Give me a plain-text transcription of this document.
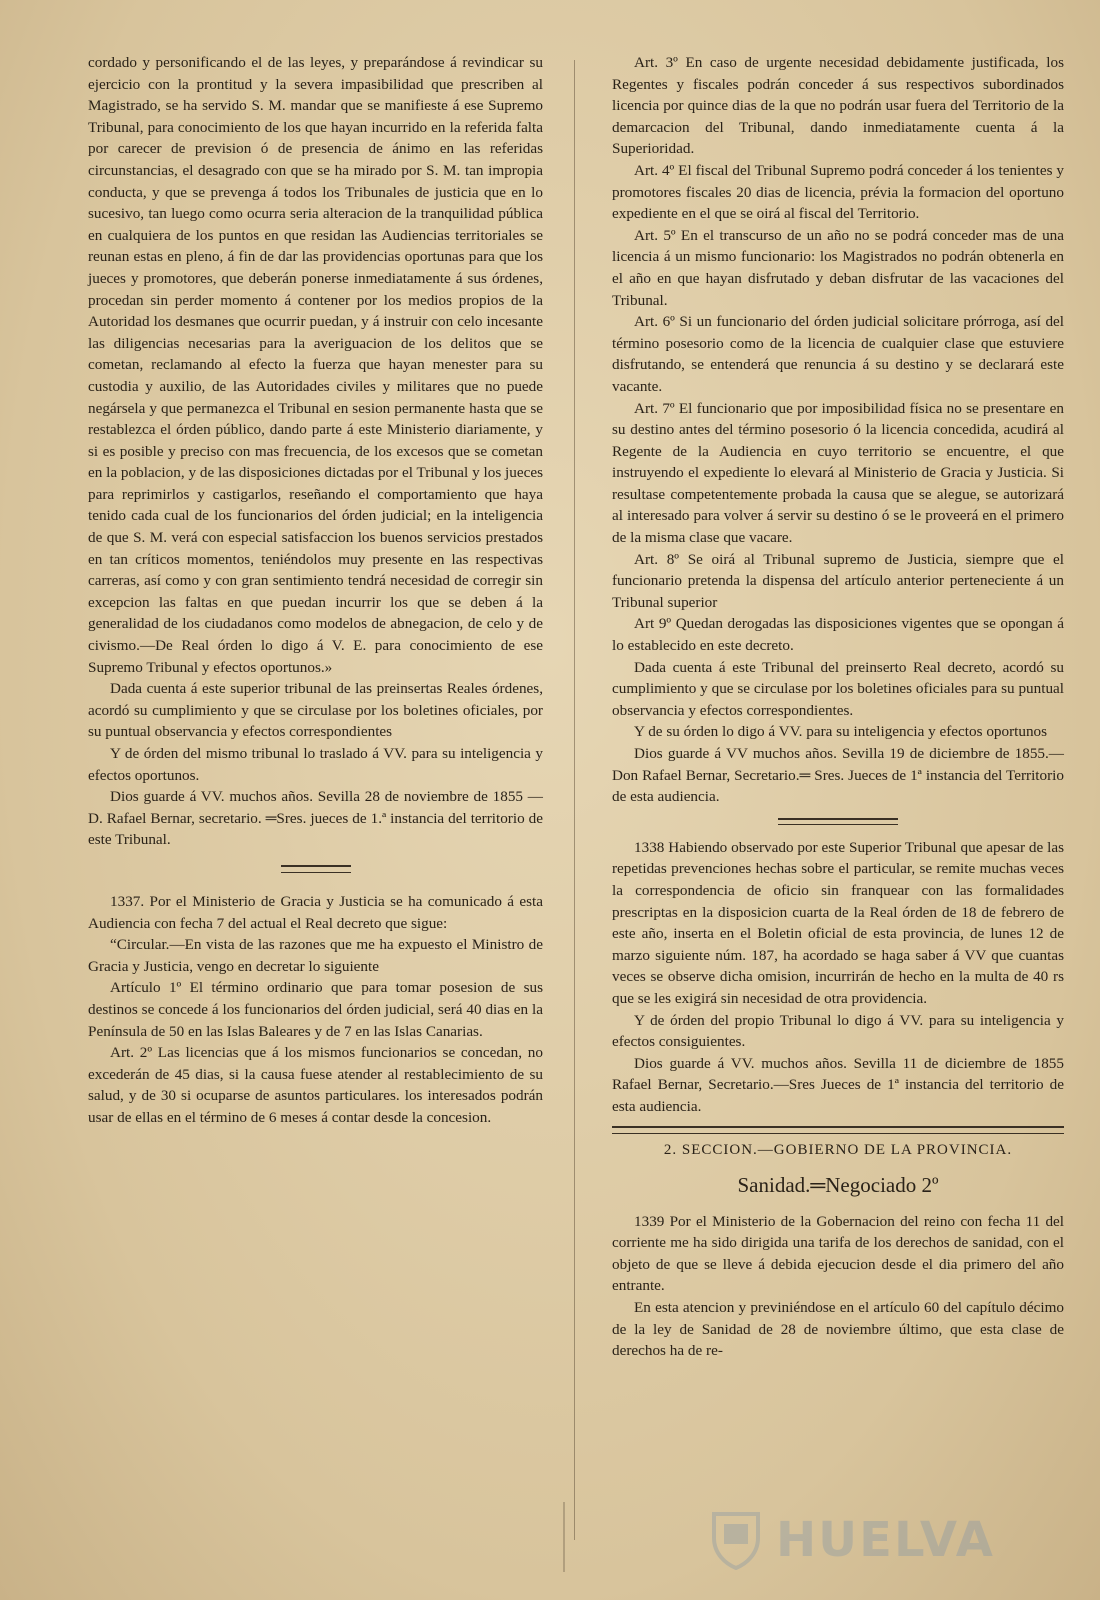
cordado y personificando el de las leyes, y preparándose á revindicar su ejercicio con la prontitud y la severa impasibilidad que prescriben al Magistrado, se ha servido S. M. mandar que se manifieste á ese Supremo Tribunal, para conocimiento de los que hayan incurrido en la referida falta por carecer de prevision ó de presencia de ánimo en las referidas circunstancias, el desagrado con que se ha mirado por S. M. tan impropia conducta, y que se prevenga á todos los Tribunales de justicia que en lo sucesivo, tan luego como ocurra seria alteracion de la tranquilidad pública en cualquiera de los puntos en que residan las Audiencias territoriales se reunan estas en pleno, á fin de dar las providencias oportunas para que los jueces y promotores, que deberán ponerse inmediatamente á sus órdenes, procedan sin perder momento á contener por los medios propios de la Autoridad los desmanes que ocurrir puedan, y á instruir con celo incesante las diligencias necesarias para la averiguacion de los delitos que se cometan, reclamando al efecto la fuerza que hayan menester para su custodia y auxilio, de las Autoridades civiles y militares que no puede negársela y que permanezca el Tribunal en sesion permanente hasta que se restablezca el órden público, dando parte á este Ministerio diariamente, y si es posible y preciso con mas frecuencia, de los excesos que se cometan en la poblacion, y de las disposiciones dictadas por el Tribunal y los jueces para reprimirlos y castigarlos, reseñando el comportamiento que haya tenido cada cual de los funcionarios del órden judicial; en la inteligencia de que S. M. verá con especial satisfaccion los buenos servicios prestados en tan críticos momentos, teniéndolos muy presente en las respectivas carreras, así como y con gran sentimiento tendrá necesidad de corregir sin excepcion las faltas en que puedan incurrir los que se deben á la generalidad de los ciudadanos como modelos de abnegacion, de celo y de civismo.—De Real órden lo digo á V. E. para conocimiento de ese Supremo Tribunal y efectos oportunos.»

Dada cuenta á este superior tribunal de las preinsertas Reales órdenes, acordó su cumplimiento y que se circulase por los boletines oficiales, por su puntual observancia y efectos correspondientes

Y de órden del mismo tribunal lo traslado á VV. para su inteligencia y efectos oportunos.

Dios guarde á VV. muchos años. Sevilla 28 de noviembre de 1855 —D. Rafael Bernar, secretario. ═Sres. jueces de 1.ª instancia del territorio de este Tribunal.

1337. Por el Ministerio de Gracia y Justicia se ha comunicado á esta Audiencia con fecha 7 del actual el Real decreto que sigue:

“Circular.—En vista de las razones que me ha expuesto el Ministro de Gracia y Justicia, vengo en decretar lo siguiente

Artículo 1º El término ordinario que para tomar posesion de sus destinos se concede á los funcionarios del órden judicial, será 40 dias en la Península de 50 en las Islas Baleares y de 7 en las Islas Canarias.

Art. 2º Las licencias que á los mismos funcionarios se concedan, no excederán de 45 dias, si la causa fuese atender al restablecimiento de su salud, y de 30 si ocuparse de asuntos particulares. los interesados podrán usar de ellas en el término de 6 meses á contar desde la concesion.

Art. 3º En caso de urgente necesidad debidamente justificada, los Regentes y fiscales podrán conceder á sus respectivos subordinados licencia por quince dias de la que no podrán usar fuera del Territorio de la demarcacion del Tribunal, dando inmediatamente cuenta á la Superioridad.

Art. 4º El fiscal del Tribunal Supremo podrá conceder á los tenientes y promotores fiscales 20 dias de licencia, prévia la formacion del oportuno expediente en el que se oirá al fiscal del Territorio.

Art. 5º En el transcurso de un año no se podrá conceder mas de una licencia á un mismo funcionario: los Magistrados no podrán obtenerla en el año en que hayan disfrutado y deban disfrutar de las vacaciones del Tribunal.

Art. 6º Si un funcionario del órden judicial solicitare prórroga, así del término posesorio como de la licencia de cualquier clase que estuviere disfrutando, se entenderá que renuncia á su destino y se declarará este vacante.

Art. 7º El funcionario que por imposibilidad física no se presentare en su destino antes del término posesorio ó la licencia concedida, acudirá al Regente de la Audiencia en cuyo territorio se encuentre, el que instruyendo el expediente lo elevará al Ministerio de Gracia y Justicia. Si resultase competentemente probada la causa que se alegue, se autorizará al interesado para volver á servir su destino ó se le proveerá en el primero de la misma clase que vacare.

Art. 8º Se oirá al Tribunal supremo de Justicia, siempre que el funcionario pretenda la dispensa del artículo anterior perteneciente á un Tribunal superior

Art 9º Quedan derogadas las disposiciones vigentes que se opongan á lo establecido en este decreto.

Dada cuenta á este Tribunal del preinserto Real decreto, acordó su cumplimiento y que se circulase por los boletines oficiales para su puntual observancia y efectos correspondientes.

Y de su órden lo digo á VV. para su inteligencia y efectos oportunos

Dios guarde á VV muchos años. Sevilla 19 de diciembre de 1855.—Don Rafael Bernar, Secretario.═ Sres. Jueces de 1ª instancia del Territorio de esta audiencia.

1338 Habiendo observado por este Superior Tribunal que apesar de las repetidas prevenciones hechas sobre el particular, se remite muchas veces la correspondencia de oficio sin franquear con las formalidades prescriptas en la disposicion cuarta de la Real órden de 18 de febrero de este año, inserta en el Boletin oficial de esta provincia, de lunes 12 de marzo siguiente núm. 187, ha acordado se haga saber á VV que cuantas veces se observe dicha omision, incurrirán de hecho en la multa de 40 rs que se les exigirá sin necesidad de otra providencia.

Y de órden del propio Tribunal lo digo á VV. para su inteligencia y efectos consiguientes.

Dios guarde á VV. muchos años. Sevilla 11 de diciembre de 1855 Rafael Bernar, Secretario.—Sres Jueces de 1ª instancia del territorio de esta audiencia.

2. SECCION.—GOBIERNO DE LA PROVINCIA.
Sanidad.═Negociado 2º

1339 Por el Ministerio de la Gobernacion del reino con fecha 11 del corriente me ha sido dirigida una tarifa de los derechos de sanidad, con el objeto de que se lleve á debida ejecucion desde el dia primero del año entrante.

En esta atencion y previniéndose en el artículo 60 del capítulo décimo de la ley de Sanidad de 28 de noviembre último, que esta clase de derechos ha de re-

HUELVA
